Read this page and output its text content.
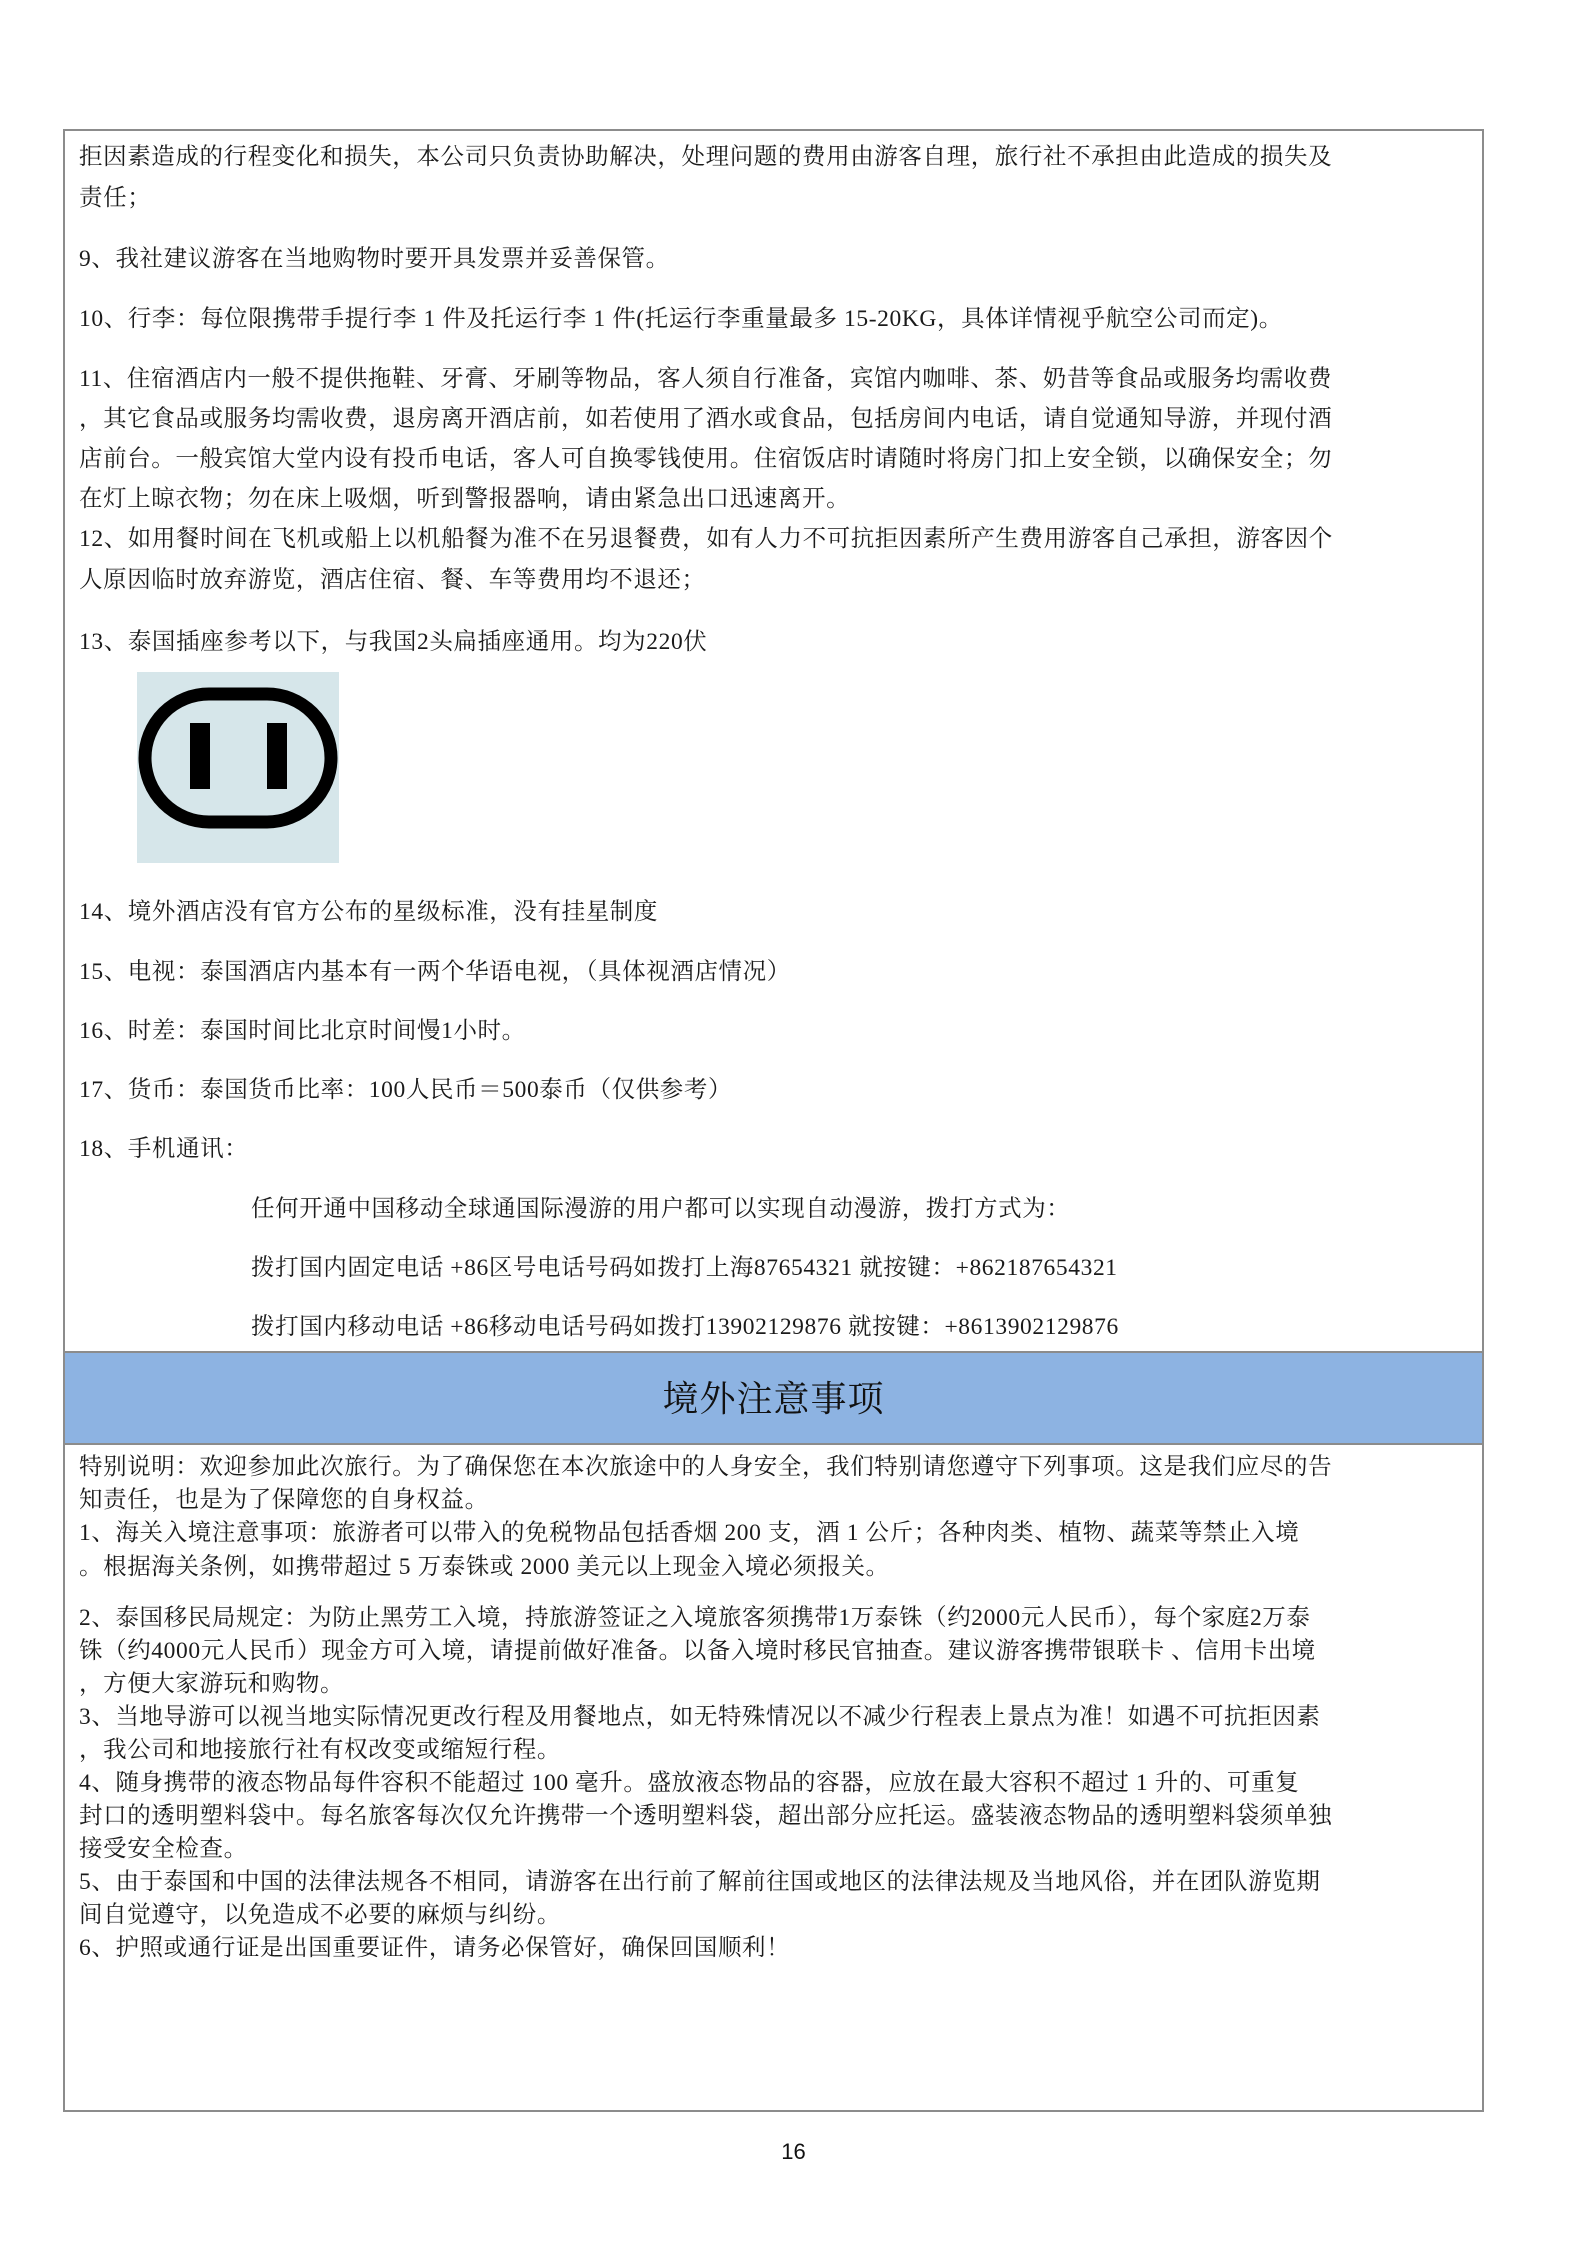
拒因素造成的行程变化和损失，本公司只负责协助解决，处理问题的费用由游客自理，旅行社不承担由此造成的损失及
责任；
9、我社建议游客在当地购物时要开具发票并妥善保管。
10、行李：每位限携带手提行李 1 件及托运行李 1 件(托运行李重量最多 15-20KG，具体详情视乎航空公司而定)。
11、住宿酒店内一般不提供拖鞋、牙膏、牙刷等物品，客人须自行准备，宾馆内咖啡、茶、奶昔等食品或服务均需收费
，其它食品或服务均需收费，退房离开酒店前，如若使用了酒水或食品，包括房间内电话，请自觉通知导游，并现付酒
店前台。一般宾馆大堂内设有投币电话，客人可自换零钱使用。住宿饭店时请随时将房门扣上安全锁，以确保安全；勿
在灯上晾衣物；勿在床上吸烟，听到警报器响，请由紧急出口迅速离开。
12、如用餐时间在飞机或船上以机船餐为准不在另退餐费，如有人力不可抗拒因素所产生费用游客自己承担，游客因个
人原因临时放弃游览，酒店住宿、餐、车等费用均不退还；
13、泰国插座参考以下，与我国2头扁插座通用。均为220伏
14、境外酒店没有官方公布的星级标准，没有挂星制度
15、电视：泰国酒店内基本有一两个华语电视，（具体视酒店情况）
16、时差：泰国时间比北京时间慢1小时。
17、货币：泰国货币比率：100人民币＝500泰币（仅供参考）
18、手机通讯：
任何开通中国移动全球通国际漫游的用户都可以实现自动漫游，拨打方式为：
拨打国内固定电话 +86区号电话号码如拨打上海87654321 就按键：+862187654321
拨打国内移动电话 +86移动电话号码如拨打13902129876 就按键：+8613902129876
境外注意事项
特别说明：欢迎参加此次旅行。为了确保您在本次旅途中的人身安全，我们特别请您遵守下列事项。这是我们应尽的告
知责任，也是为了保障您的自身权益。
1、海关入境注意事项：旅游者可以带入的免税物品包括香烟 200 支，酒 1 公斤；各种肉类、植物、蔬菜等禁止入境
。根据海关条例，如携带超过 5 万泰铢或 2000 美元以上现金入境必须报关。
2、泰国移民局规定：为防止黑劳工入境，持旅游签证之入境旅客须携带1万泰铢（约2000元人民币），每个家庭2万泰
铢（约4000元人民币）现金方可入境，请提前做好准备。以备入境时移民官抽查。建议游客携带银联卡 、信用卡出境
，方便大家游玩和购物。
3、当地导游可以视当地实际情况更改行程及用餐地点，如无特殊情况以不减少行程表上景点为准！如遇不可抗拒因素
，我公司和地接旅行社有权改变或缩短行程。
4、随身携带的液态物品每件容积不能超过 100 毫升。盛放液态物品的容器，应放在最大容积不超过 1 升的、可重复
封口的透明塑料袋中。每名旅客每次仅允许携带一个透明塑料袋，超出部分应托运。盛装液态物品的透明塑料袋须单独
接受安全检查。
5、由于泰国和中国的法律法规各不相同，请游客在出行前了解前往国或地区的法律法规及当地风俗，并在团队游览期
间自觉遵守，以免造成不必要的麻烦与纠纷。
6、护照或通行证是出国重要证件，请务必保管好，确保回国顺利！
16
